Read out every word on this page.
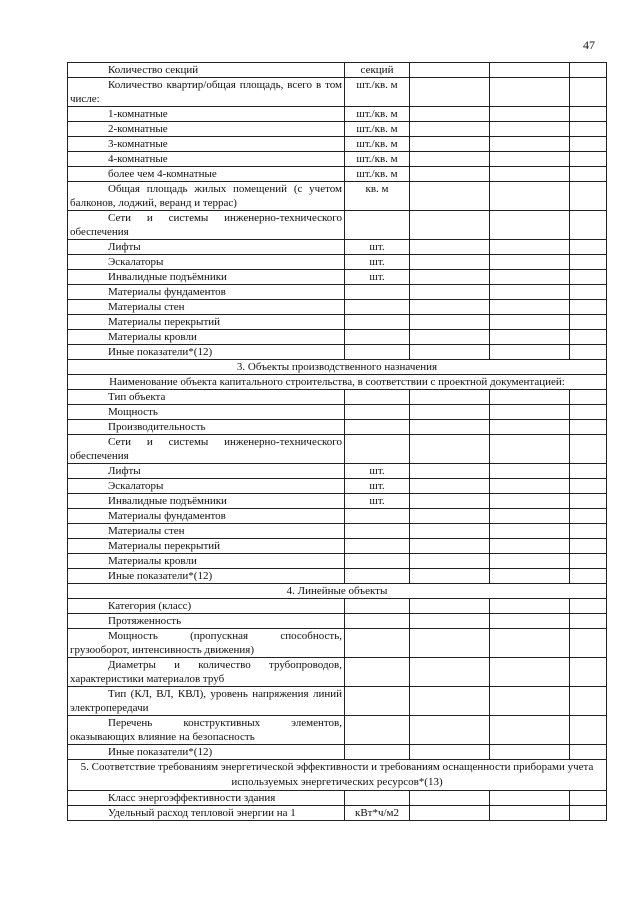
47
Количество секций	секций			
Количество квартир/общая площадь, всего в том числе:	шт./кв. м			
1-комнатные	шт./кв. м			
2-комнатные	шт./кв. м			
3-комнатные	шт./кв. м			
4-комнатные	шт./кв. м			
более чем 4-комнатные	шт./кв. м			
Общая площадь жилых помещений (с учетом балконов, лоджий, веранд и террас)	кв. м			
Сети и системы инженерно-технического обеспечения				
Лифты	шт.			
Эскалаторы	шт.			
Инвалидные подъёмники	шт.			
Материалы фундаментов				
Материалы стен				
Материалы перекрытий				
Материалы кровли				
Иные показатели*(12)				
3. Объекты производственного назначения				
Наименование объекта капитального строительства, в соответствии с проектной документацией:				
Тип объекта				
Мощность				
Производительность				
Сети и системы инженерно-технического обеспечения				
Лифты	шт.			
Эскалаторы	шт.			
Инвалидные подъёмники	шт.			
Материалы фундаментов				
Материалы стен				
Материалы перекрытий				
Материалы кровли				
Иные показатели*(12)				
4. Линейные объекты				
Категория (класс)				
Протяженность				
Мощность (пропускная способность, грузооборот, интенсивность движения)				
Диаметры и количество трубопроводов, характеристики материалов труб				
Тип (КЛ, ВЛ, КВЛ), уровень напряжения линий электропередачи				
Перечень конструктивных элементов, оказывающих влияние на безопасность				
Иные показатели*(12)				
5. Соответствие требованиям энергетической эффективности и требованиям оснащенности приборами учета используемых энергетических ресурсов*(13)				
Класс энергоэффективности здания				
Удельный расход тепловой энергии на 1	кВт*ч/м2			
